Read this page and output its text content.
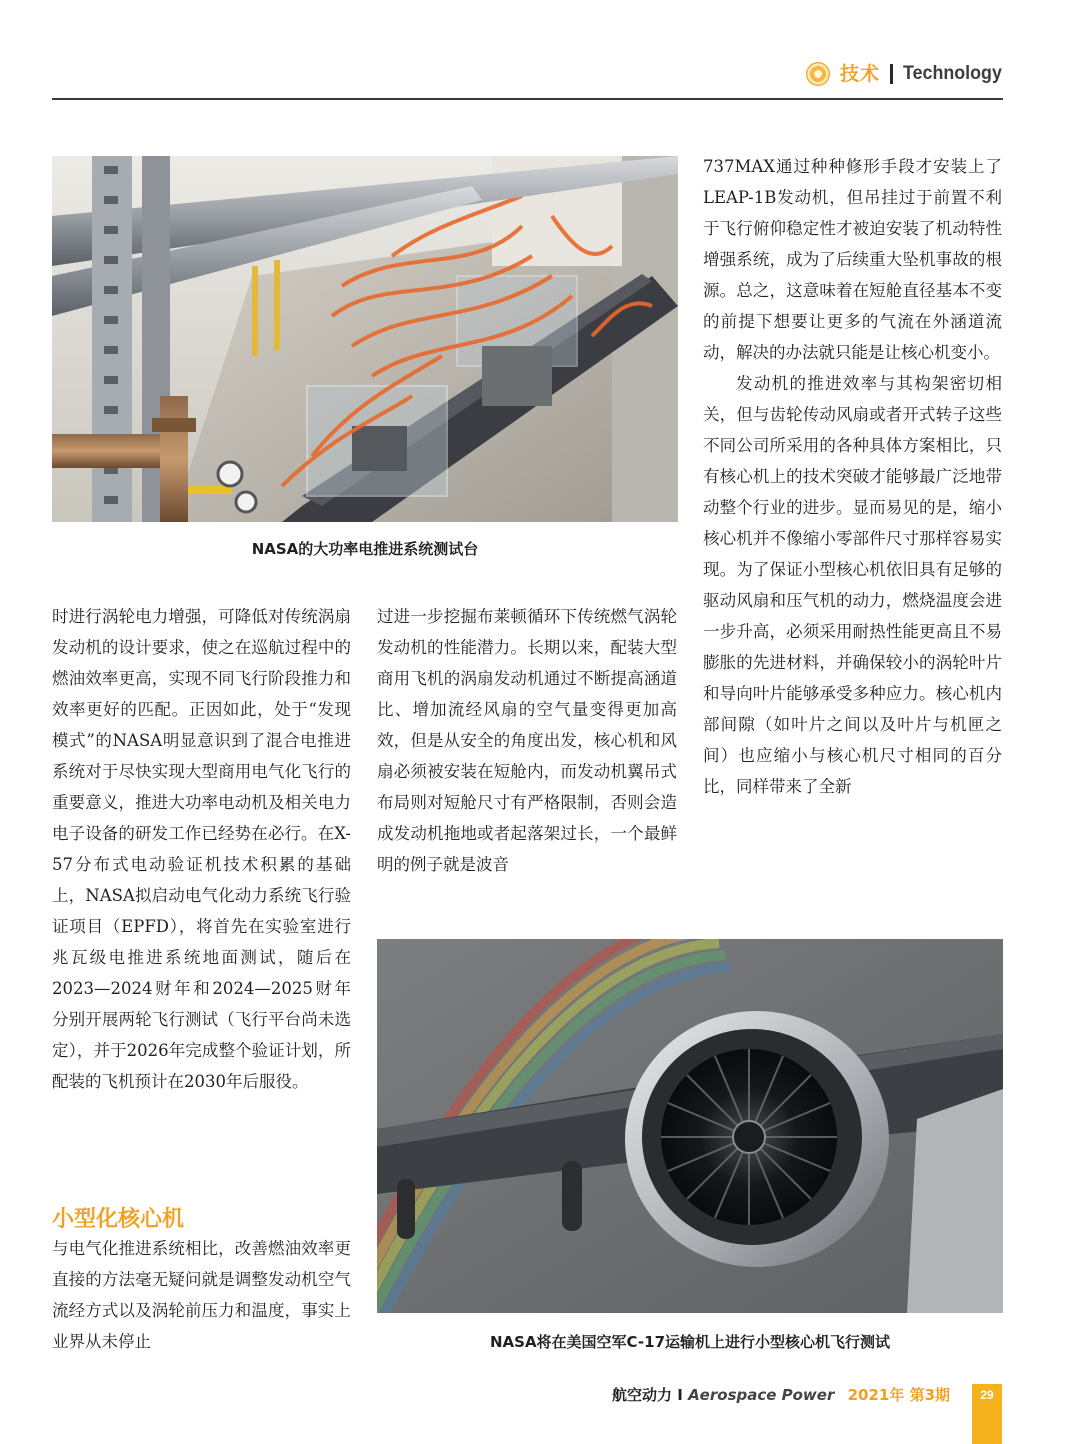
技术 Technology
NASA的大功率电推进系统测试台

737MAX通过种种修形手段才安装上了LEAP-1B发动机，但吊挂过于前置不利于飞行俯仰稳定性才被迫安装了机动特性增强系统，成为了后续重大坠机事故的根源。总之，这意味着在短舱直径基本不变的前提下想要让更多的气流在外涵道流动，解决的办法就只能是让核心机变小。

发动机的推进效率与其构架密切相关，但与齿轮传动风扇或者开式转子这些不同公司所采用的各种具体方案相比，只有核心机上的技术突破才能够最广泛地带动整个行业的进步。显而易见的是，缩小核心机并不像缩小零部件尺寸那样容易实现。为了保证小型核心机依旧具有足够的驱动风扇和压气机的动力，燃烧温度会进一步升高，必须采用耐热性能更高且不易膨胀的先进材料，并确保较小的涡轮叶片和导向叶片能够承受多种应力。核心机内部间隙（如叶片之间以及叶片与机匣之间）也应缩小与核心机尺寸相同的百分比，同样带来了全新

时进行涡轮电力增强，可降低对传统涡扇发动机的设计要求，使之在巡航过程中的燃油效率更高，实现不同飞行阶段推力和效率更好的匹配。正因如此，处于“发现模式”的NASA明显意识到了混合电推进系统对于尽快实现大型商用电气化飞行的重要意义，推进大功率电动机及相关电力电子设备的研发工作已经势在必行。在X-57分布式电动验证机技术积累的基础上，NASA拟启动电气化动力系统飞行验证项目（EPFD），将首先在实验室进行兆瓦级电推进系统地面测试，随后在2023—2024财年和2024—2025财年分别开展两轮飞行测试（飞行平台尚未选定），并于2026年完成整个验证计划，所配装的飞机预计在2030年后服役。

小型化核心机

与电气化推进系统相比，改善燃油效率更直接的方法毫无疑问就是调整发动机空气流经方式以及涡轮前压力和温度，事实上业界从未停止

过进一步挖掘布莱顿循环下传统燃气涡轮发动机的性能潜力。长期以来，配装大型商用飞机的涡扇发动机通过不断提高涵道比、增加流经风扇的空气量变得更加高效，但是从安全的角度出发，核心机和风扇必须被安装在短舱内，而发动机翼吊式布局则对短舱尺寸有严格限制，否则会造成发动机拖地或者起落架过长，一个最鲜明的例子就是波音

NASA将在美国空军C-17运输机上进行小型核心机飞行测试
航空动力 I Aerospace Power 2021年 第3期	29
